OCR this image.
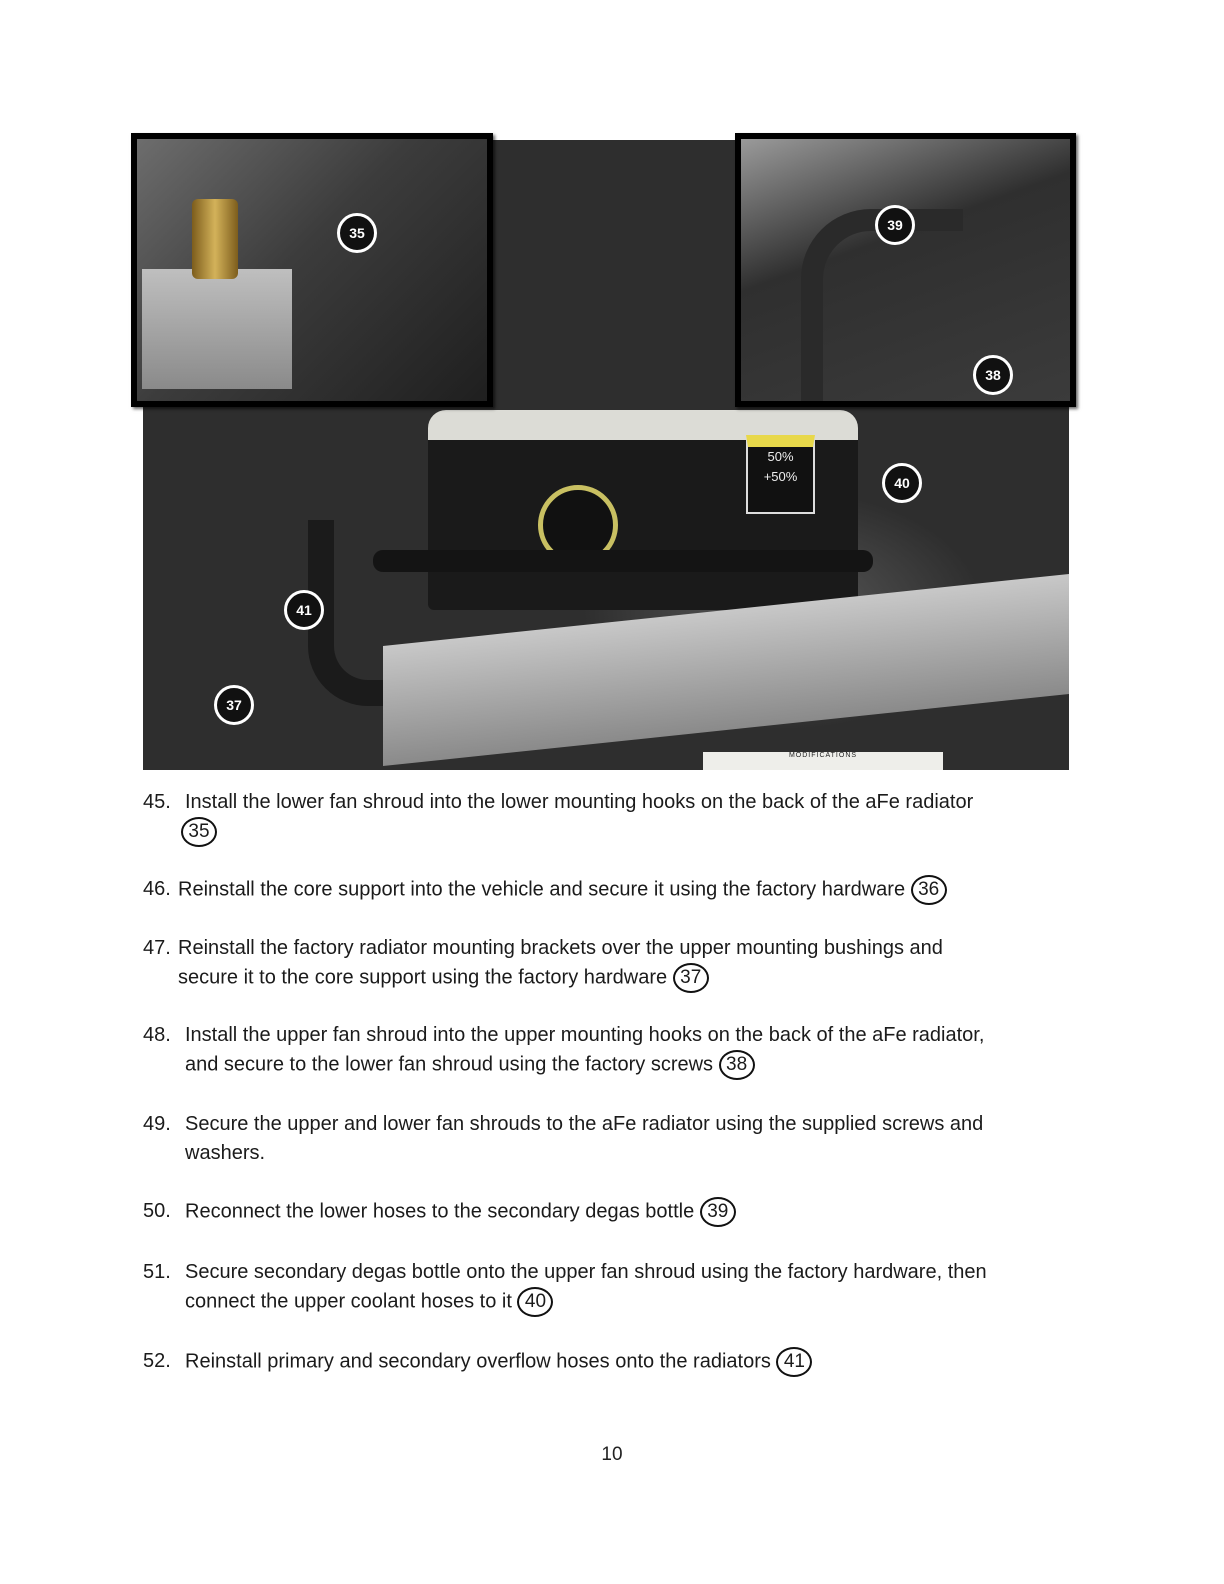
50%
+50%
MODIFICATIONS
41
37
40
35	39
38
45. Install the lower fan shroud into the lower mounting hooks on the back of the aFe radiator
35
46. Reinstall the core support into the vehicle and secure it using the factory hardware 36
47. Reinstall the factory radiator mounting brackets over the upper mounting bushings and
secure it to the core support using the factory hardware 37
48. Install the upper fan shroud into the upper mounting hooks on the back of the aFe radiator,
and secure to the lower fan shroud using the factory screws 38
49. Secure the upper and lower fan shrouds to the aFe radiator using the supplied screws and
washers.
50. Reconnect the lower hoses to the secondary degas bottle 39
51. Secure secondary degas bottle onto the upper fan shroud using the factory hardware, then
connect the upper coolant hoses to it 40
52. Reinstall primary and secondary overflow hoses onto the radiators 41
10
